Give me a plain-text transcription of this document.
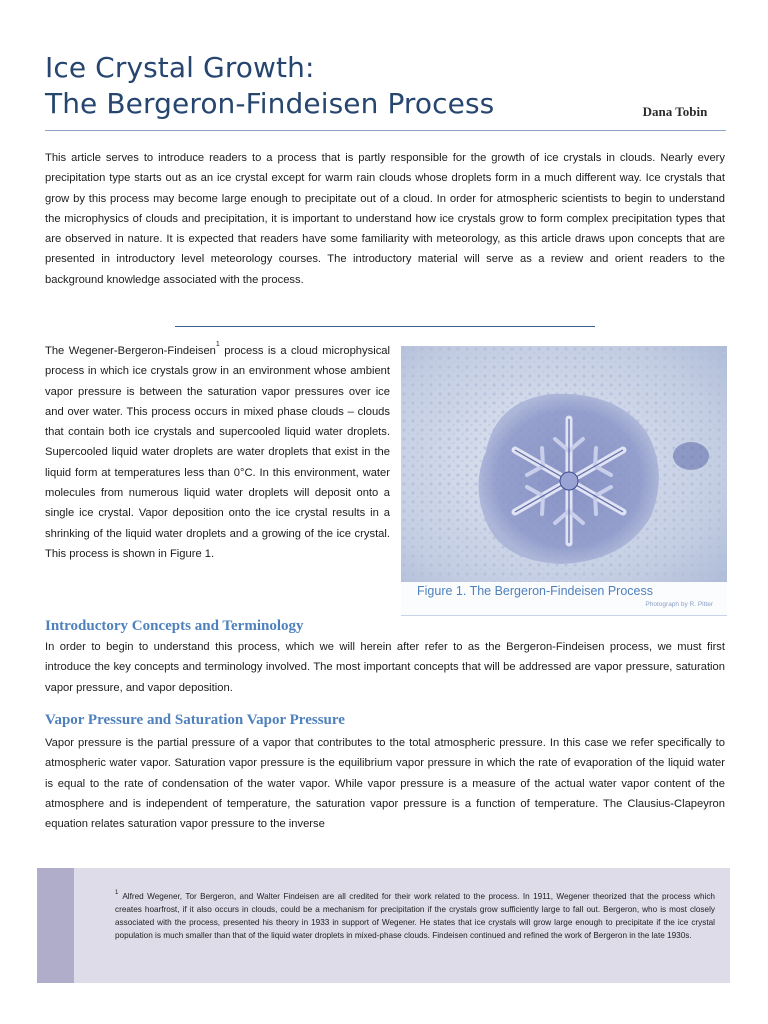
Ice Crystal Growth:
The Bergeron-Findeisen Process	Dana Tobin
This article serves to introduce readers to a process that is partly responsible for the growth of ice crystals in clouds. Nearly every precipitation type starts out as an ice crystal except for warm rain clouds whose droplets form in a much different way. Ice crystals that grow by this process may become large enough to precipitate out of a cloud. In order for atmospheric scientists to begin to understand the microphysics of clouds and precipitation, it is important to understand how ice crystals grow to form complex precipitation types that are observed in nature. It is expected that readers have some familiarity with meteorology, as this article draws upon concepts that are presented in introductory level meteorology courses. The introductory material will serve as a review and orient readers to the background knowledge associated with the process.
The Wegener-Bergeron-Findeisen$^1$ process is a cloud microphysical process in which ice crystals grow in an environment whose ambient vapor pressure is between the saturation vapor pressures over ice and over water. This process occurs in mixed phase clouds – clouds that contain both ice crystals and supercooled liquid water droplets. Supercooled liquid water droplets are water droplets that exist in the liquid form at temperatures less than 0°C. In this environment, water molecules from numerous liquid water droplets will deposit onto a single ice crystal. Vapor deposition onto the ice crystal results in a shrinking of the liquid water droplets and a growing of the ice crystal. This process is shown in Figure 1.
Figure 1. The Bergeron-Findeisen Process
Photograph by R. Pitter
Introductory Concepts and Terminology
In order to begin to understand this process, which we will herein after refer to as the Bergeron-Findeisen process, we must first introduce the key concepts and terminology involved. The most important concepts that will be addressed are vapor pressure, saturation vapor pressure, and vapor deposition.
Vapor Pressure and Saturation Vapor Pressure
Vapor pressure is the partial pressure of a vapor that contributes to the total atmospheric pressure. In this case we refer specifically to atmospheric water vapor. Saturation vapor pressure is the equilibrium vapor pressure in which the rate of evaporation of the liquid water is equal to the rate of condensation of the water vapor. While vapor pressure is a measure of the actual water vapor content of the atmosphere and is independent of temperature, the saturation vapor pressure is a function of temperature. The Clausius-Clapeyron equation relates saturation vapor pressure to the inverse
$^1$ Alfred Wegener, Tor Bergeron, and Walter Findeisen are all credited for their work related to the process. In 1911, Wegener theorized that the process which creates hoarfrost, if it also occurs in clouds, could be a mechanism for precipitation if the crystals grow sufficiently large to fall out. Bergeron, who is most closely associated with the process, presented his theory in 1933 in support of Wegener. He states that ice crystals will grow large enough to precipitate if the ice crystal population is much smaller than that of the liquid water droplets in mixed-phase clouds. Findeisen continued and refined the work of Bergeron in the late 1930s.
